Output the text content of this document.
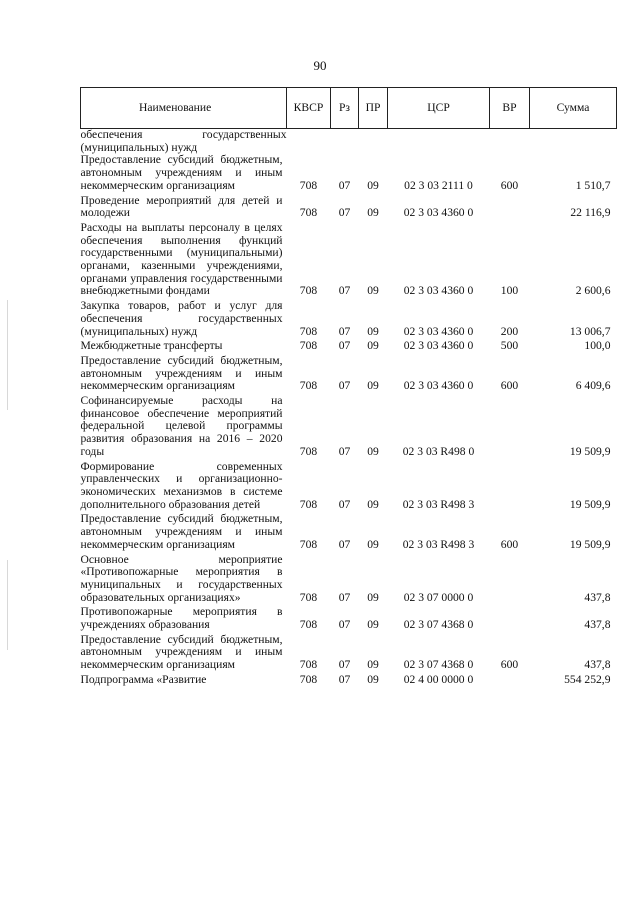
90
Наименование	КВСР	Рз	ПР	ЦСР	ВР	Сумма
обеспечения государственных (муниципальных) нужд						
Предоставление субсидий бюджетным, автономным учреждениям и иным некоммерческим организациям	708	07	09	02 3 03 2111 0	600	1 510,7
Проведение мероприятий для детей и молодежи	708	07	09	02 3 03 4360 0		22 116,9
Расходы на выплаты персоналу в целях обеспечения выполнения функций государственными (муниципальными) органами, казенными учреждениями, органами управления государственными внебюджетными фондами	708	07	09	02 3 03 4360 0	100	2 600,6
Закупка товаров, работ и услуг для обеспечения государственных (муниципальных) нужд	708	07	09	02 3 03 4360 0	200	13 006,7
Межбюджетные трансферты	708	07	09	02 3 03 4360 0	500	100,0
Предоставление субсидий бюджетным, автономным учреждениям и иным некоммерческим организациям	708	07	09	02 3 03 4360 0	600	6 409,6
Софинансируемые расходы на финансовое обеспечение мероприятий федеральной целевой программы развития образования на 2016 – 2020 годы	708	07	09	02 3 03 R498 0		19 509,9
Формирование современных управленческих и организационно-экономических механизмов в системе дополнительного образования детей	708	07	09	02 3 03 R498 3		19 509,9
Предоставление субсидий бюджетным, автономным учреждениям и иным некоммерческим организациям	708	07	09	02 3 03 R498 3	600	19 509,9
Основное мероприятие «Противопожарные мероприятия в муниципальных и государственных образовательных организациях»	708	07	09	02 3 07 0000 0		437,8
Противопожарные мероприятия в учреждениях образования	708	07	09	02 3 07 4368 0		437,8
Предоставление субсидий бюджетным, автономным учреждениям и иным некоммерческим организациям	708	07	09	02 3 07 4368 0	600	437,8
Подпрограмма «Развитие	708	07	09	02 4 00 0000 0		554 252,9
